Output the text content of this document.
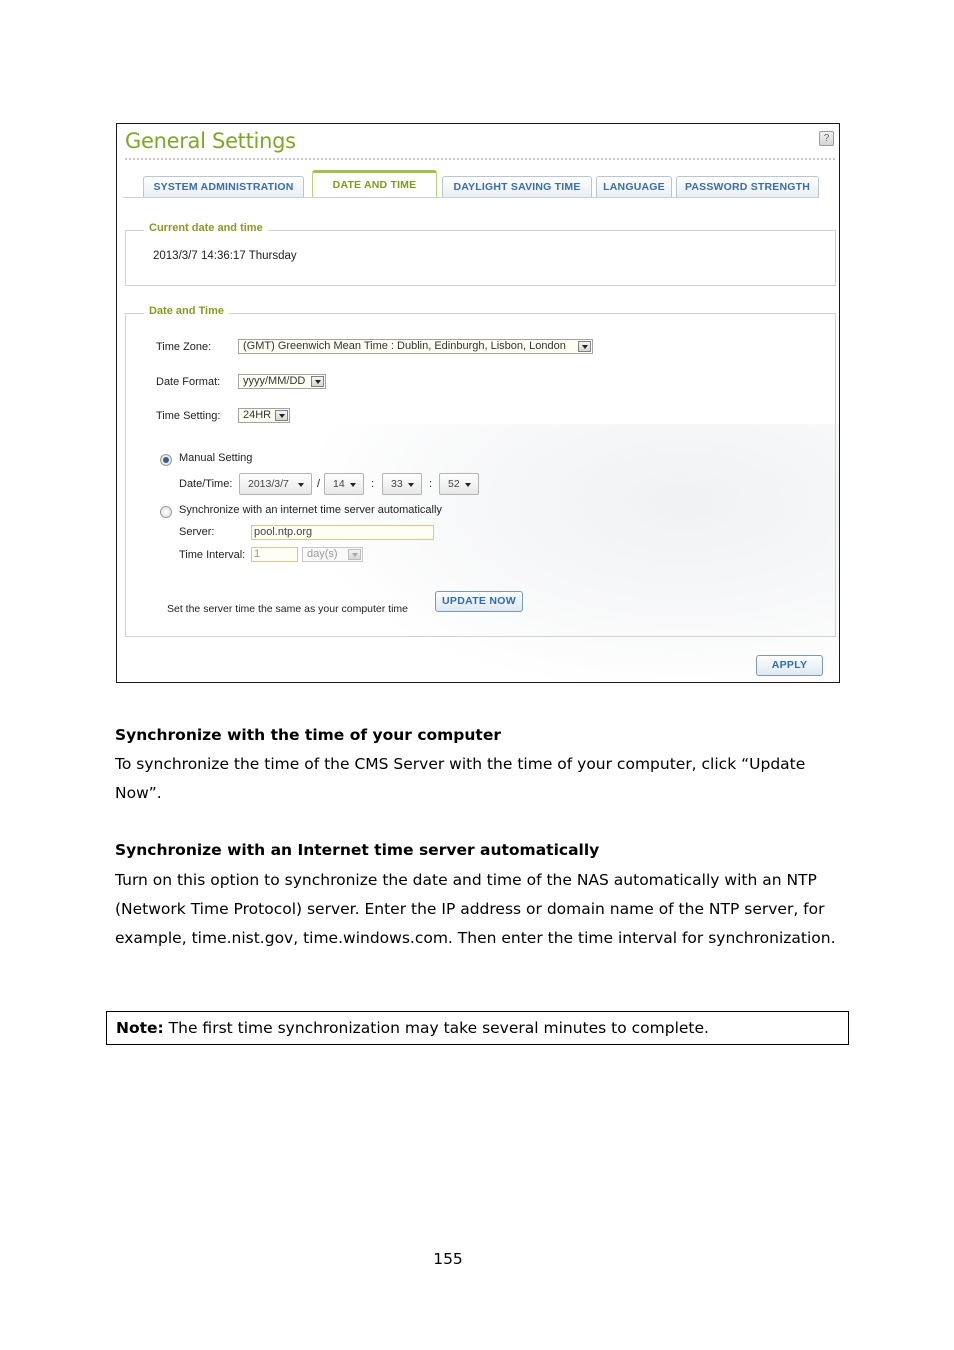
General Settings	?
SYSTEM ADMINISTRATION	DATE AND TIME	DAYLIGHT SAVING TIME	LANGUAGE	PASSWORD STRENGTH
Current date and time
2013/3/7 14:36:17 Thursday
Date and Time
Time Zone:	(GMT) Greenwich Mean Time : Dublin, Edinburgh, Lisbon, London
Date Format:	yyyy/MM/DD
Time Setting:	24HR
Manual Setting
Date/Time:	2013/3/7	/	14	:	33	:	52
Synchronize with an internet time server automatically
Server:	pool.ntp.org
Time Interval: 1	day(s)
Set the server time the same as your computer time
UPDATE NOW
APPLY
Synchronize with the time of your computer

To synchronize the time of the CMS Server with the time of your computer, click “Update Now”.

Synchronize with an Internet time server automatically

Turn on this option to synchronize the date and time of the NAS automatically with an NTP (Network Time Protocol) server. Enter the IP address or domain name of the NTP server, for example, time.nist.gov, time.windows.com. Then enter the time interval for synchronization.

Note: The first time synchronization may take several minutes to complete.
155
